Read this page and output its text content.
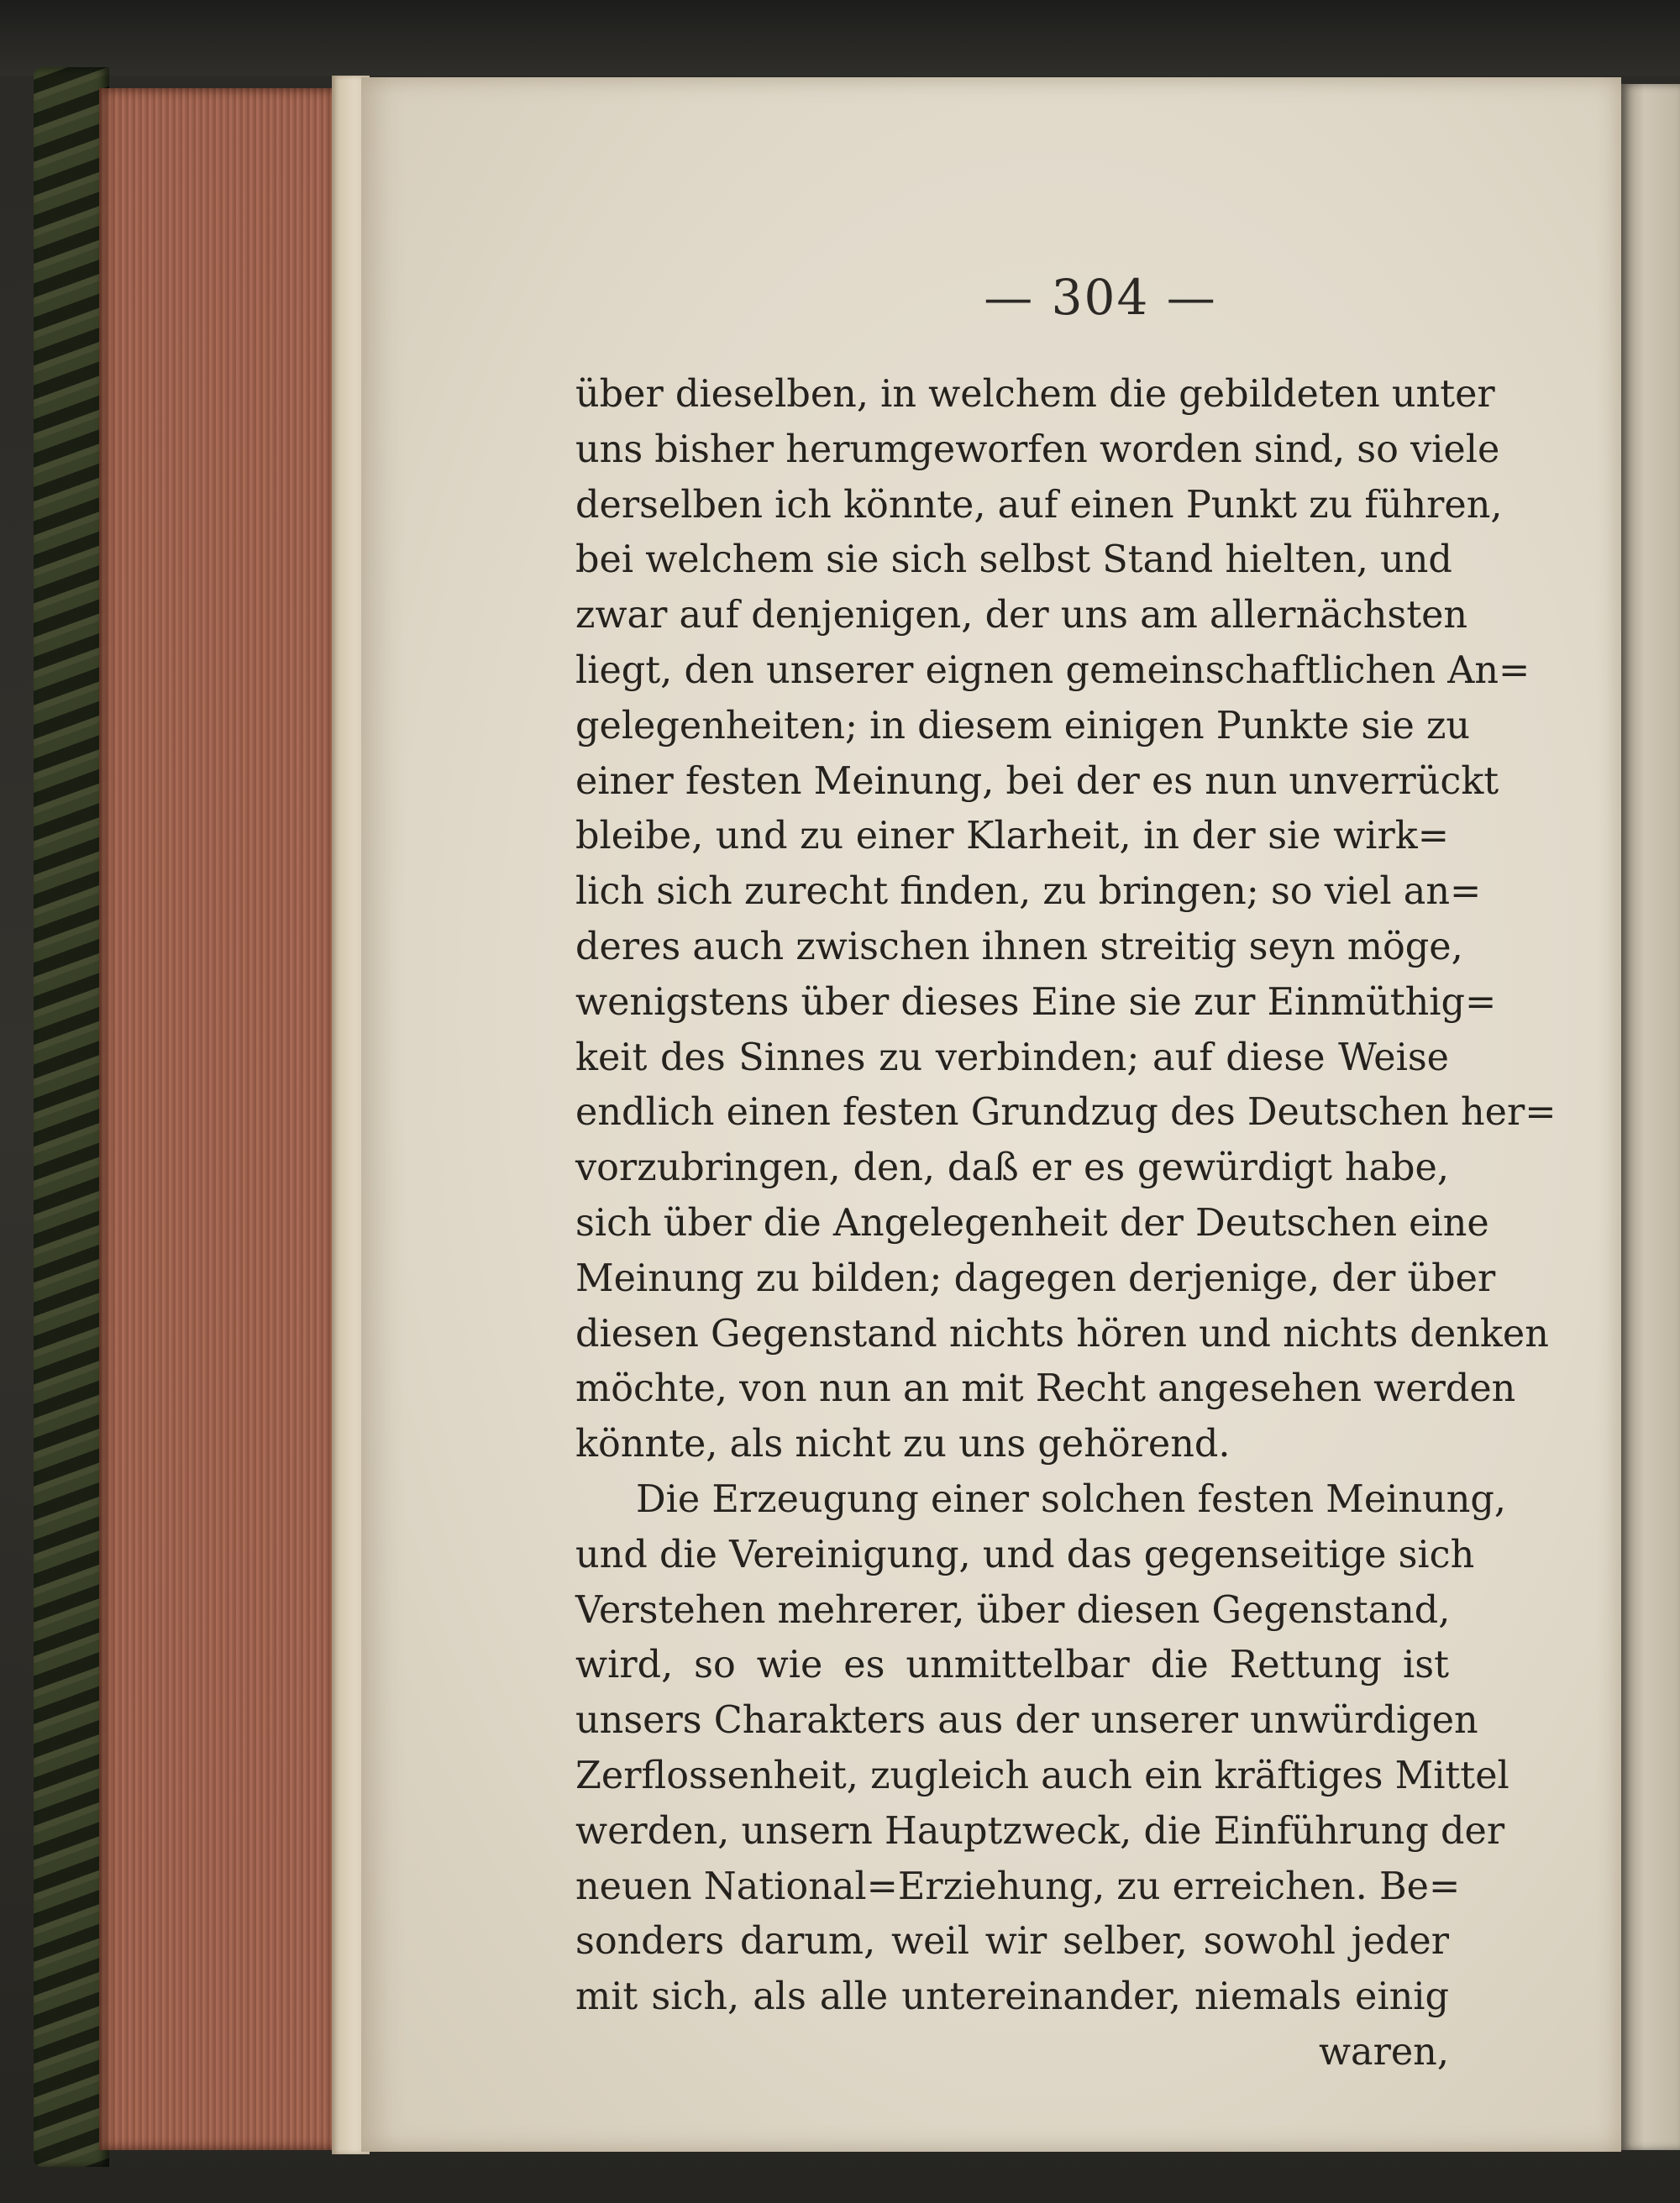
— 304 —
über dieselben, in welchem die gebildeten unter
uns bisher herumgeworfen worden sind, so viele
derselben ich könnte, auf einen Punkt zu führen,
bei welchem sie sich selbst Stand hielten, und
zwar auf denjenigen, der uns am allernächsten
liegt, den unserer eignen gemeinschaftlichen An=
gelegenheiten; in diesem einigen Punkte sie zu
einer festen Meinung, bei der es nun unverrückt
bleibe, und zu einer Klarheit, in der sie wirk=
lich sich zurecht finden, zu bringen; so viel an=
deres auch zwischen ihnen streitig seyn möge,
wenigstens über dieses Eine sie zur Einmüthig=
keit des Sinnes zu verbinden; auf diese Weise
endlich einen festen Grundzug des Deutschen her=
vorzubringen, den, daß er es gewürdigt habe,
sich über die Angelegenheit der Deutschen eine
Meinung zu bilden; dagegen derjenige, der über
diesen Gegenstand nichts hören und nichts denken
möchte, von nun an mit Recht angesehen werden
könnte, als nicht zu uns gehörend.
Die Erzeugung einer solchen festen Meinung,
und die Vereinigung, und das gegenseitige sich
Verstehen mehrerer, über diesen Gegenstand,
wird, so wie es unmittelbar die Rettung ist
unsers Charakters aus der unserer unwürdigen
Zerflossenheit, zugleich auch ein kräftiges Mittel
werden, unsern Hauptzweck, die Einführung der
neuen National=Erziehung, zu erreichen. Be=
sonders darum, weil wir selber, sowohl jeder
mit sich, als alle untereinander, niemals einig
waren,
